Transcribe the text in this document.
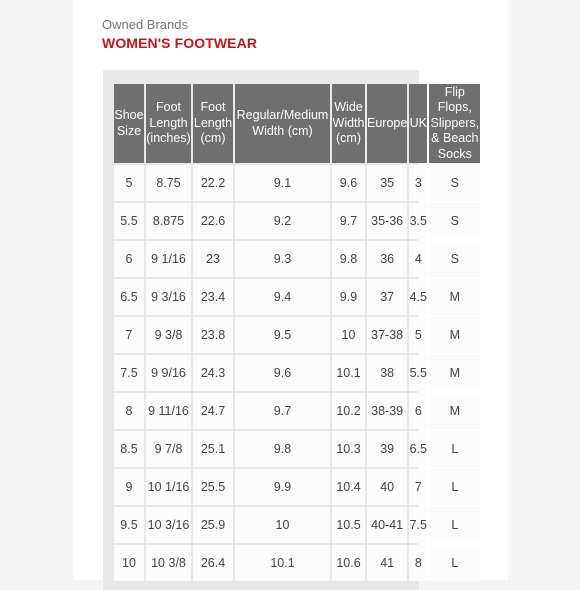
Owned Brands
WOMEN'S FOOTWEAR
Shoe Size	Foot Length (inches)	Foot Length (cm)	Regular/Medium Width (cm)	Wide Width (cm)	Europe	UK	Flip Flops, Slippers, & Beach Socks
5	8.75	22.2	9.1	9.6	35	3	S
5.5	8.875	22.6	9.2	9.7	35-36	3.5	S
6	9 1/16	23	9.3	9.8	36	4	S
6.5	9 3/16	23.4	9.4	9.9	37	4.5	M
7	9 3/8	23.8	9.5	10	37-38	5	M
7.5	9 9/16	24.3	9.6	10.1	38	5.5	M
8	9 11/16	24.7	9.7	10.2	38-39	6	M
8.5	9 7/8	25.1	9.8	10.3	39	6.5	L
9	10 1/16	25.5	9.9	10.4	40	7	L
9.5	10 3/16	25.9	10	10.5	40-41	7.5	L
10	10 3/8	26.4	10.1	10.6	41	8	L
